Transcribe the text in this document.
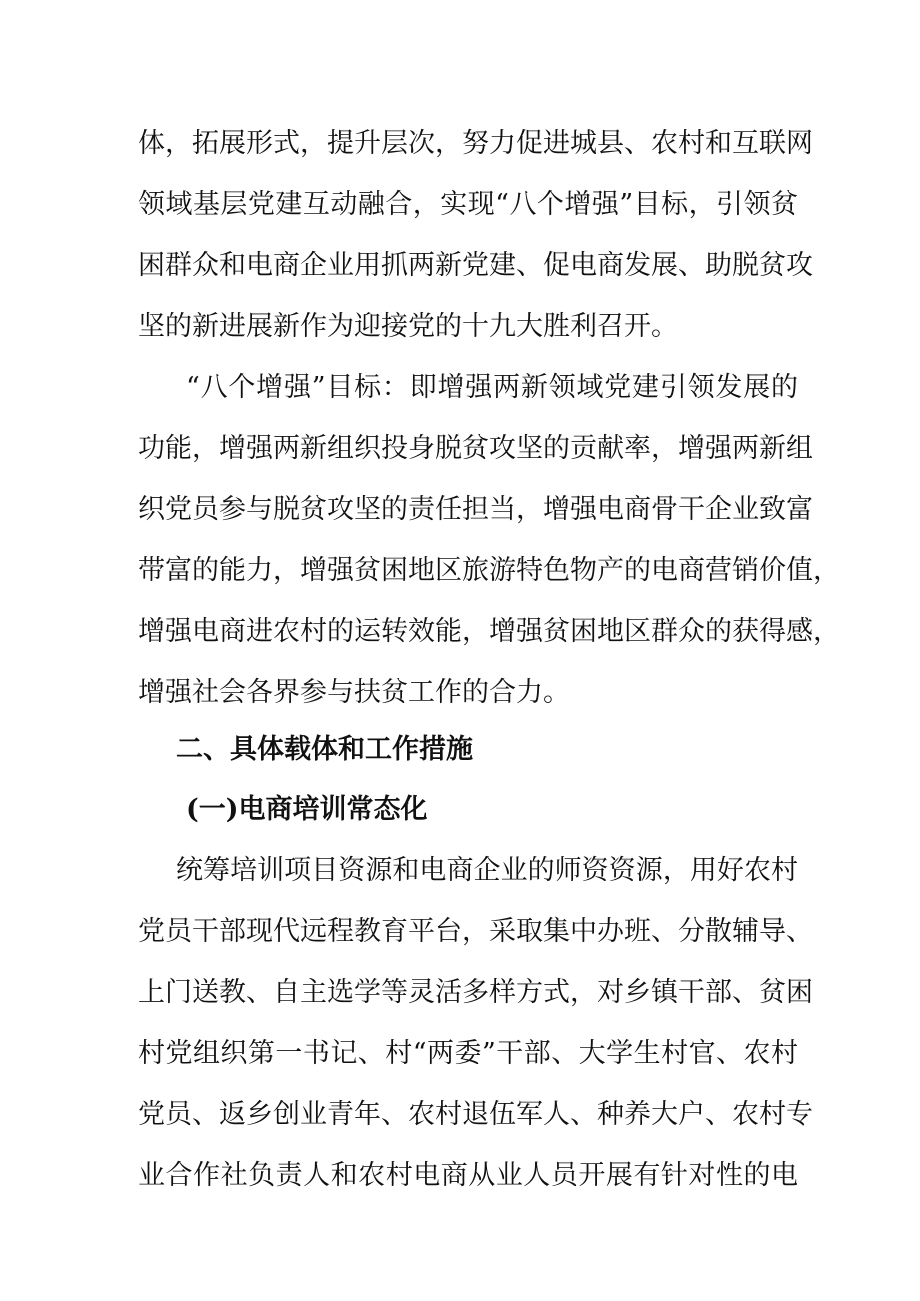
体，拓展形式，提升层次，努力促进城县、农村和互联网
领域基层党建互动融合，实现“八个增强”目标，引领贫
困群众和电商企业用抓两新党建、促电商发展、助脱贫攻
坚的新进展新作为迎接党的十九大胜利召开。
“八个增强”目标：即增强两新领域党建引领发展的
功能，增强两新组织投身脱贫攻坚的贡献率，增强两新组
织党员参与脱贫攻坚的责任担当，增强电商骨干企业致富
带富的能力，增强贫困地区旅游特色物产的电商营销价值，
增强电商进农村的运转效能，增强贫困地区群众的获得感，
增强社会各界参与扶贫工作的合力。
二、具体载体和工作措施
(一)电商培训常态化
统筹培训项目资源和电商企业的师资资源，用好农村
党员干部现代远程教育平台，采取集中办班、分散辅导、
上门送教、自主选学等灵活多样方式，对乡镇干部、贫困
村党组织第一书记、村“两委”干部、大学生村官、农村
党员、返乡创业青年、农村退伍军人、种养大户、农村专
业合作社负责人和农村电商从业人员开展有针对性的电
